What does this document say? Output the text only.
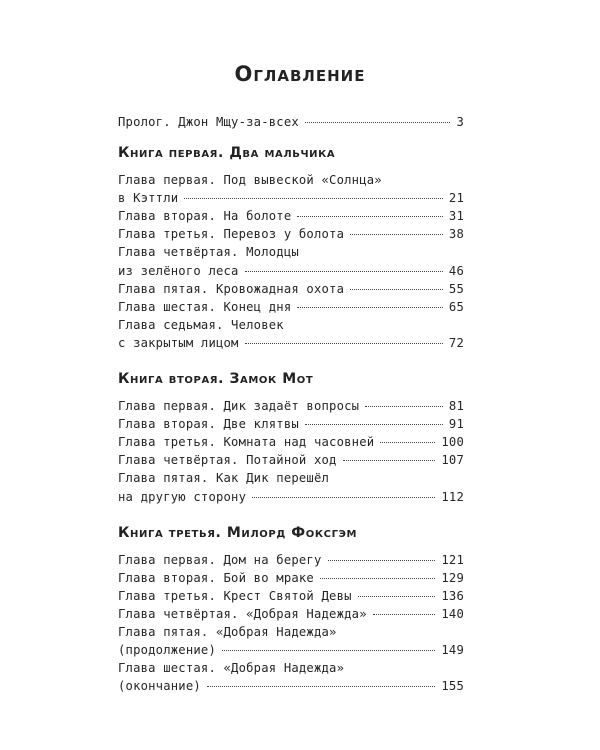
Оглавление
Пролог. Джон Мщу-за-всех	3
Книга первая. Два мальчика
Глава первая. Под вывеской «Солнца»
в Кэттли	21
Глава вторая. На болоте	31
Глава третья. Перевоз у болота	38
Глава четвёртая. Молодцы
из зелёного леса	46
Глава пятая. Кровожадная охота	55
Глава шестая. Конец дня	65
Глава седьмая. Человек
с закрытым лицом	72
Книга вторая. Замок Мот
Глава первая. Дик задаёт вопросы	81
Глава вторая. Две клятвы	91
Глава третья. Комната над часовней	100
Глава четвёртая. Потайной ход	107
Глава пятая. Как Дик перешёл
на другую сторону	112
Книга третья. Милорд Фоксгэм
Глава первая. Дом на берегу	121
Глава вторая. Бой во мраке	129
Глава третья. Крест Святой Девы	136
Глава четвёртая. «Добрая Надежда»	140
Глава пятая. «Добрая Надежда»
(продолжение)	149
Глава шестая. «Добрая Надежда»
(окончание)	155
